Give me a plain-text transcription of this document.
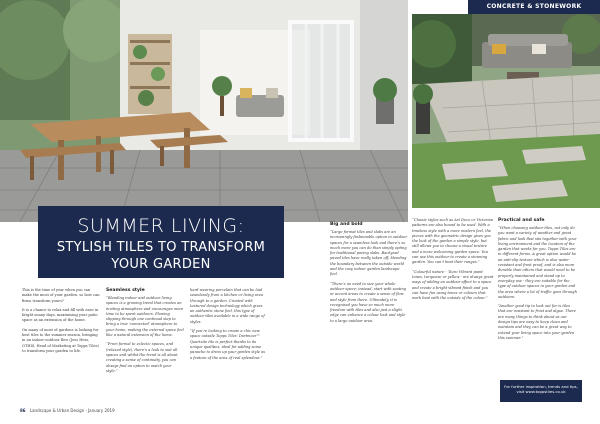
CONCRETE & STONEWORK
SUMMER LIVING:
STYLISH TILES TO TRANSFORM YOUR GARDEN

This is the time of year when you can make the most of your garden, so how can firms transform yours?

It is a chance to relax and fill with ease in bright sunny days, maximising your patio space as an extension of the home.

On many of most of gardens is looking for best tiles to the summer season, bringing in an indoor-outdoor flow (Jess Hess, OTHIS, Head of Marketing at Topps Tiles) to transform your garden to life.

Seamless style

“Blending indoor and outdoor living spaces is a growing trend that creates an inviting atmosphere and encourages more time to be spent outdoors. Flowing slipping through one continual step to bring a true 'connected' atmosphere to your home, making the external space feel like a natural extension of the home.

“From formal to eclectic spaces, and (relaxed style), there’s a look to suit all spaces and whilst the trend is all about creating a sense of continuity, you can always find an option to match your style.”

hard-wearing porcelain that can be laid seamlessly from a kitchen or living area through to a garden. Created with textured design technology which gives an authentic stone feel, this type of outdoor tiles available in a wide range of styles.

“If you’re looking to create a chic new space outside Topps Tiles’ Dartmoor™ Quartzite tile is perfect thanks to its unique qualities, ideal for adding some panache to dress up your garden style as a feature of the area of real splendour.”

Big and bold

“Large format tiles and slabs are an increasingly fashionable option in outdoor spaces for a seamless look and there’s so much more you can do than simply opting for traditional paving slabs. Backyard paved tiles have really taken off, blending the boundary between the outside world and the cosy indoor garden landscape feel.

“There’s no need to size your whole outdoor space; instead, start with seating or accent areas to create a sense of flow and style from there. Ultimately, it is recognised you have so much more freedom with tiles and also just a slight edge can enhance a colour look and style to a large outdoor area.

“Classic styles such as Art Deco or Victorian patterns are also bound to be used. With a timeless style with a more modern feel, the pieces with the geometric design gives you the look of the garden a simple style, but still allows you to choose a visual texture and a more welcoming garden space. You can use this outdoor to create a stunning garden. You can’t beat their ranges.”

“Colourful nature - ‘Euro Vibrant paint tones, turquoise or yellow - are always great ways of adding an outdoor affect to a space and create a bright vibrant finish and you can have fun using tones or colours that work best with the outside of the colour.”

Practical and safe

“When choosing outdoor tiles, not only do you want a variety of weather and great fabric and look that sits together with your living environment and the location of the garden that works for you. Topps Tiles are in different forms. A great option would be an anti-slip texture which is also water-resistant and frost proof, and is also more durable than others that would need to be properly maintained and stand up to everyday use - they are suitable for the type of outdoor spaces in your garden and the area where a lot of traffic goes through outdoors.

“Another good tip to look out for is tiles that are resistant to frost and algae. There are many things to think about as our design tips are easy to keep clean and maintain and they can be a great way to extend your living space into your garden this summer.”

For further inspiration, trends and tips, visit www.toppstiles.co.uk
86 Landscape & Urban Design · January 2019
